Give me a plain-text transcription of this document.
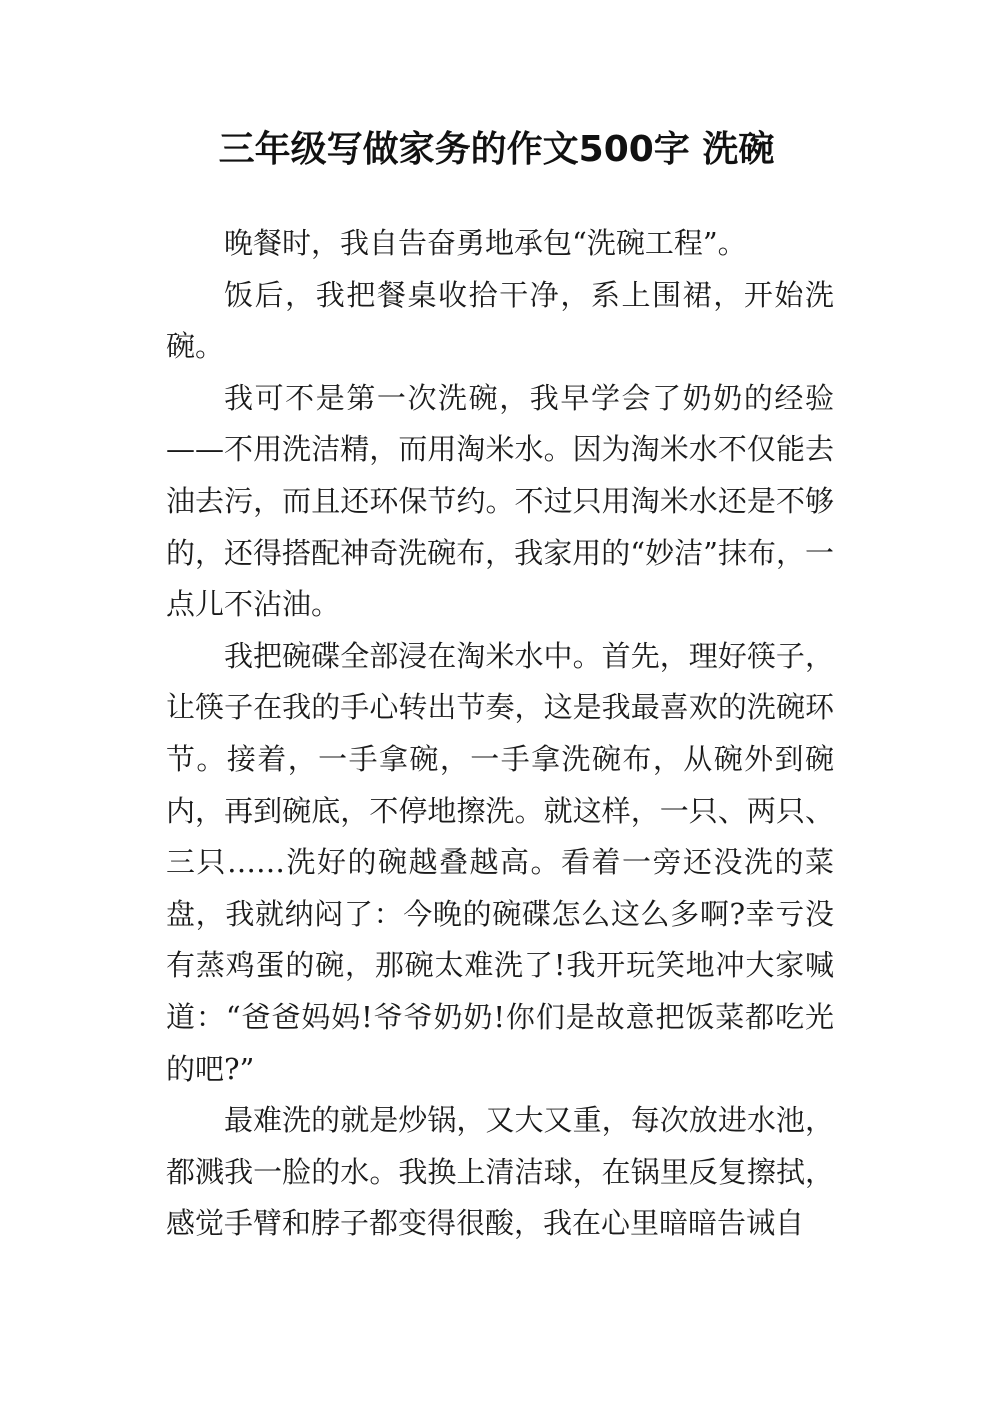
三年级写做家务的作文500字 洗碗

晚餐时，我自告奋勇地承包“洗碗工程”。

饭后，我把餐桌收拾干净，系上围裙，开始洗碗。

我可不是第一次洗碗，我早学会了奶奶的经验——不用洗洁精，而用淘米水。因为淘米水不仅能去油去污，而且还环保节约。不过只用淘米水还是不够的，还得搭配神奇洗碗布，我家用的“妙洁”抹布，一点儿不沾油。

我把碗碟全部浸在淘米水中。首先，理好筷子，让筷子在我的手心转出节奏，这是我最喜欢的洗碗环节。接着，一手拿碗，一手拿洗碗布，从碗外到碗内，再到碗底，不停地擦洗。就这样，一只、两只、三只……洗好的碗越叠越高。看着一旁还没洗的菜盘，我就纳闷了：今晚的碗碟怎么这么多啊?幸亏没有蒸鸡蛋的碗，那碗太难洗了!我开玩笑地冲大家喊道：“爸爸妈妈!爷爷奶奶!你们是故意把饭菜都吃光的吧?”

最难洗的就是炒锅，又大又重，每次放进水池，都溅我一脸的水。我换上清洁球，在锅里反复擦拭，感觉手臂和脖子都变得很酸，我在心里暗暗告诫自
